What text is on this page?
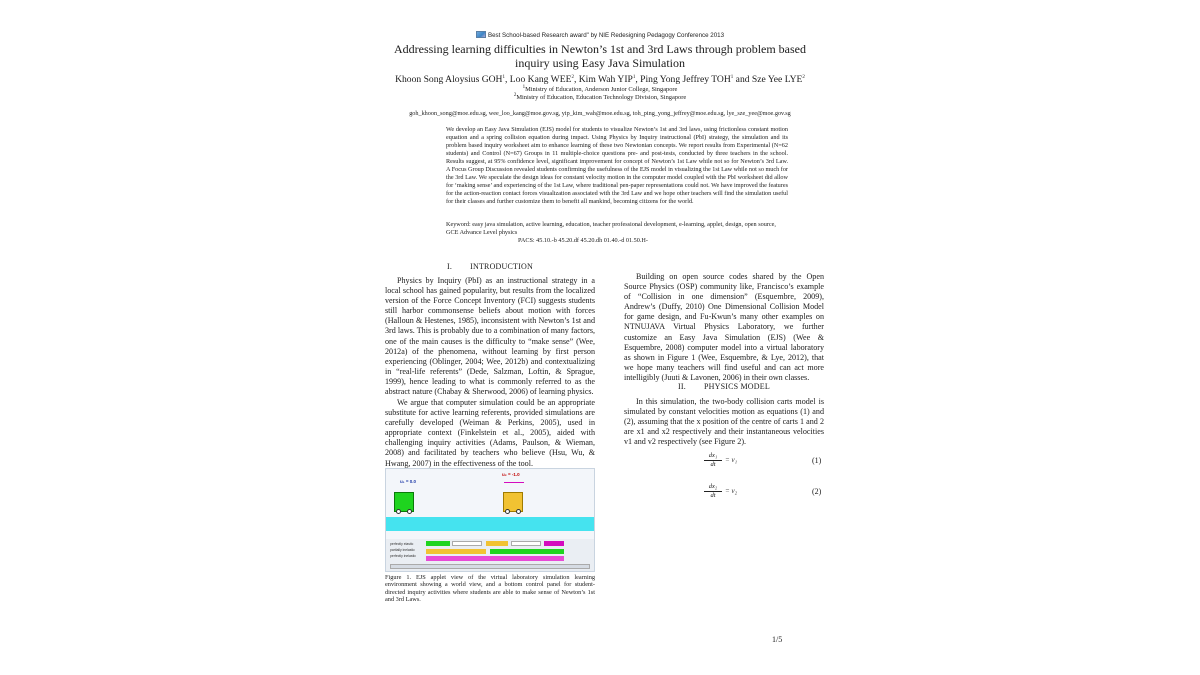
Best School-based Research award" by NIE Redesigning Pedagogy Conference 2013
Addressing learning difficulties in Newton’s 1st and 3rd Laws through problem based
inquiry using Easy Java Simulation
Khoon Song Aloysius GOH$^1$, Loo Kang WEE$^2$, Kim Wah YIP$^1$, Ping Yong Jeffrey TOH$^1$ and Sze Yee LYE$^2$
$^1$Ministry of Education, Anderson Junior College, Singapore
$^2$Ministry of Education, Education Technology Division, Singapore
goh_khoon_song@moe.edu.sg, wee_loo_kang@moe.gov.sg, yip_kim_wah@moe.edu.sg, toh_ping_yong_jeffrey@moe.edu.sg, lye_sze_yee@moe.gov.sg
We develop an Easy Java Simulation (EJS) model for students to visualize Newton’s 1st and 3rd laws, using frictionless constant motion equation and a spring collision equation during impact. Using Physics by Inquiry instructional (PbI) strategy, the simulation and its problem based inquiry worksheet aim to enhance learning of these two Newtonian concepts. We report results from Experimental (N=62 students) and Control (N=67) Groups in 11 multiple-choice questions pre- and post-tests, conducted by three teachers in the school. Results suggest, at 95% confidence level, significant improvement for concept of Newton’s 1st Law while not so for Newton’s 3rd Law. A Focus Group Discussion revealed students confirming the usefulness of the EJS model in visualizing the 1st Law while not so much for the 3rd Law. We speculate the design ideas for constant velocity motion in the computer model coupled with the PbI worksheet did allow for ‘making sense’ and experiencing of the 1st Law, where traditional pen-paper representations could not. We have improved the features for the action-reaction contact forces visualization associated with the 3rd Law and we hope other teachers will find the simulation useful for their classes and further customize them to benefit all mankind, becoming citizens for the world.
Keyword: easy java simulation, active learning, education, teacher professional development, e-learning, applet, design, open source, GCE Advance Level physics
PACS: 45.10.-b 45.20.df 45.20.dh 01.40.-d 01.50.H-
I. INTRODUCTION

Physics by Inquiry (PbI) as an instructional strategy in a local school has gained popularity, but results from the localized version of the Force Concept Inventory (FCI) suggests students still harbor commonsense beliefs about motion with forces (Halloun & Hestenes, 1985), inconsistent with Newton’s 1st and 3rd laws. This is probably due to a combination of many factors, one of the main causes is the difficulty to “make sense” (Wee, 2012a) of the phenomena, without learning by first person experiencing (Oblinger, 2004; Wee, 2012b) and contextualizing in “real-life referents” (Dede, Salzman, Loftin, & Sprague, 1999), hence leading to what is commonly referred to as the abstract nature (Chabay & Sherwood, 2006) of learning physics.

We argue that computer simulation could be an appropriate substitute for active learning referents, provided simulations are carefully developed (Weiman & Perkins, 2005), used in appropriate context (Finkelstein et al., 2005), aided with challenging inquiry activities (Adams, Paulson, & Wieman, 2008) and facilitated by teachers who believe (Hsu, Wu, & Hwang, 2007) in the effectiveness of the tool.

u₁ = 0.0
u₂ = -1.0
perfectly elastic
partially inelastic
perfectly inelastic
Figure 1. EJS applet view of the virtual laboratory simulation learning environment showing a world view, and a bottom control panel for student-directed inquiry activities where students are able to make sense of Newton’s 1st and 3rd Laws.

Building on open source codes shared by the Open Source Physics (OSP) community like, Francisco’s example of “Collision in one dimension” (Esquembre, 2009), Andrew’s (Duffy, 2010) One Dimensional Collision Model for game design, and Fu-Kwun’s many other examples on NTNUJAVA Virtual Physics Laboratory, we further customize an Easy Java Simulation (EJS) (Wee & Esquembre, 2008) computer model into a virtual laboratory as shown in Figure 1 (Wee, Esquembre, & Lye, 2012), that we hope many teachers will find useful and can act more intelligibly (Juuti & Lavonen, 2006) in their own classes.

II. PHYSICS MODEL

In this simulation, the two-body collision carts model is simulated by constant velocities motion as equations (1) and (2), assuming that the x position of the centre of carts 1 and 2 are x1 and x2 respectively and their instantaneous velocities v1 and v2 respectively (see Figure 2).

dx₁
dt
= v₁	(1)
dx₂
dt
= v₂	(2)
1/5
